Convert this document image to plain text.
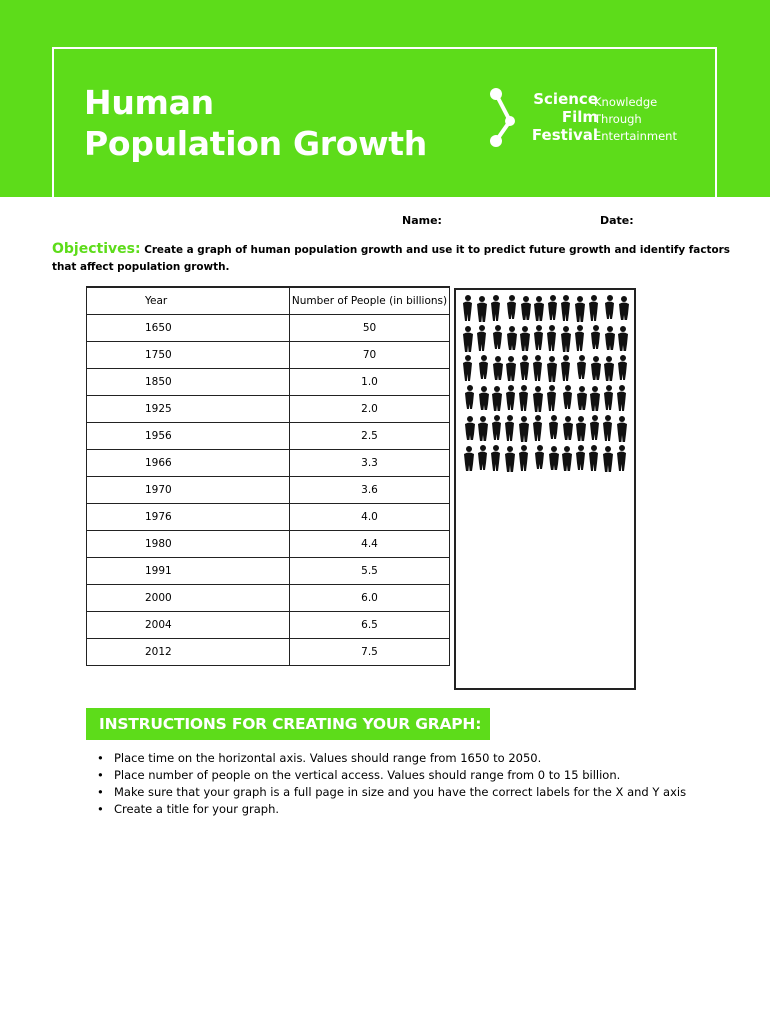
Human
Population Growth
Science
Film
Festival
Knowledge
Through
Entertainment
Name:	Date:

Objectives: Create a graph of human population growth and use it to predict future growth and identify factors that affect population growth.

Year	Number of People (in billions)
1650	50
1750	70
1850	1.0
1925	2.0
1956	2.5
1966	3.3
1970	3.6
1976	4.0
1980	4.4
1991	5.5
2000	6.0
2004	6.5
2012	7.5
INSTRUCTIONS FOR CREATING YOUR GRAPH:
• Place time on the horizontal axis. Values should range from 1650 to 2050.
• Place number of people on the vertical access. Values should range from 0 to 15 billion.
• Make sure that your graph is a full page in size and you have the correct labels for the X and Y axis
• Create a title for your graph.
